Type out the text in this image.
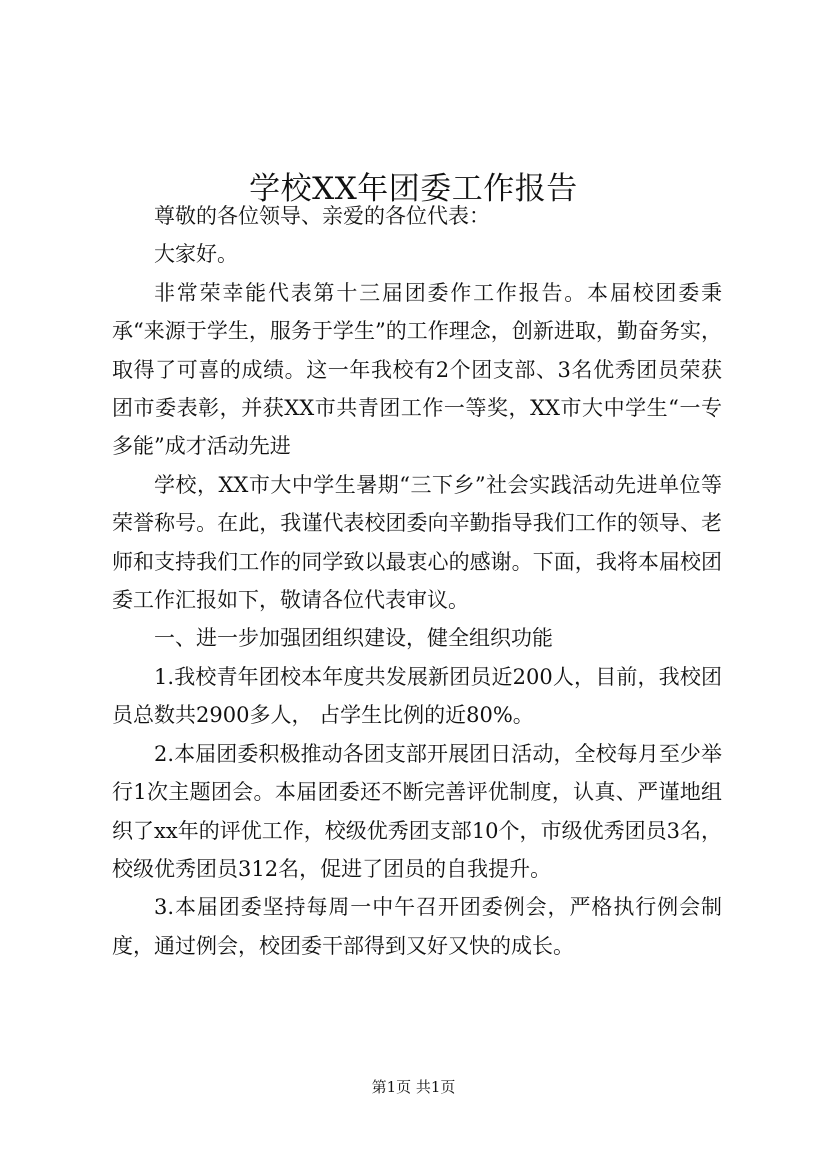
学校XX年团委工作报告

尊敬的各位领导、亲爱的各位代表：

大家好。

非常荣幸能代表第十三届团委作工作报告。本届校团委秉承“来源于学生，服务于学生”的工作理念，创新进取，勤奋务实，取得了可喜的成绩。这一年我校有2个团支部、3名优秀团员荣获团市委表彰，并获XX市共青团工作一等奖，XX市大中学生“一专多能”成才活动先进

学校，XX市大中学生暑期“三下乡”社会实践活动先进单位等荣誉称号。在此，我谨代表校团委向辛勤指导我们工作的领导、老师和支持我们工作的同学致以最衷心的感谢。下面，我将本届校团委工作汇报如下，敬请各位代表审议。

一、进一步加强团组织建设，健全组织功能

1.我校青年团校本年度共发展新团员近200人，目前，我校团员总数共2900多人， 占学生比例的近80%。

2.本届团委积极推动各团支部开展团日活动，全校每月至少举行1次主题团会。本届团委还不断完善评优制度，认真、严谨地组织了xx年的评优工作，校级优秀团支部10个，市级优秀团员3名，校级优秀团员312名，促进了团员的自我提升。

3.本届团委坚持每周一中午召开团委例会，严格执行例会制度，通过例会，校团委干部得到又好又快的成长。

第1页 共1页
